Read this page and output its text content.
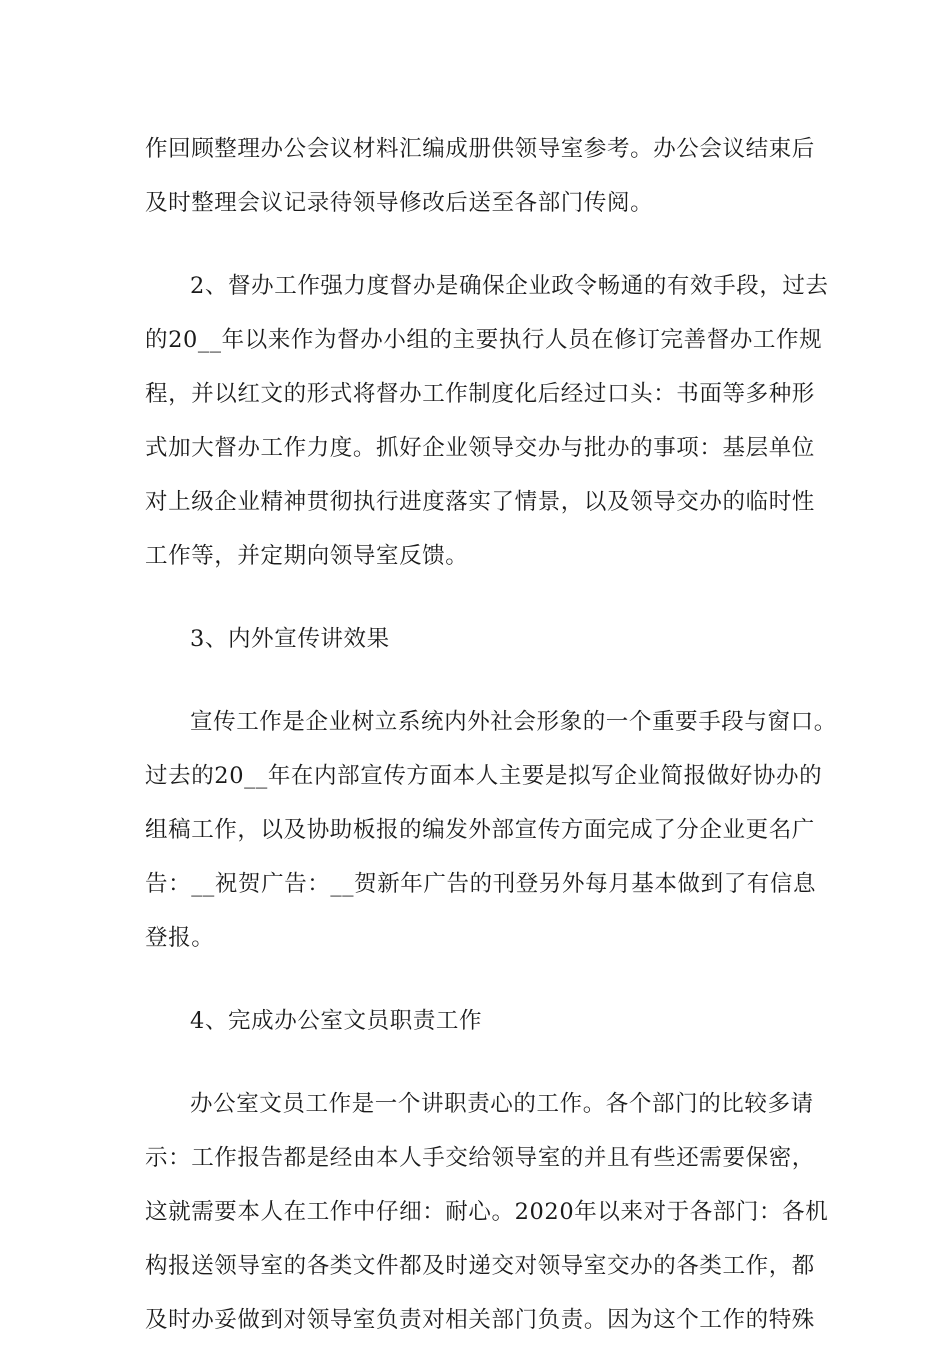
作回顾整理办公会议材料汇编成册供领导室参考。办公会议结束后
及时整理会议记录待领导修改后送至各部门传阅。
2、督办工作强力度督办是确保企业政令畅通的有效手段，过去
的20__年以来作为督办小组的主要执行人员在修订完善督办工作规
程，并以红文的形式将督办工作制度化后经过口头：书面等多种形
式加大督办工作力度。抓好企业领导交办与批办的事项：基层单位
对上级企业精神贯彻执行进度落实了情景，以及领导交办的临时性
工作等，并定期向领导室反馈。
3、内外宣传讲效果
宣传工作是企业树立系统内外社会形象的一个重要手段与窗口。
过去的20__年在内部宣传方面本人主要是拟写企业简报做好协办的
组稿工作，以及协助板报的编发外部宣传方面完成了分企业更名广
告：__祝贺广告：__贺新年广告的刊登另外每月基本做到了有信息
登报。
4、完成办公室文员职责工作
办公室文员工作是一个讲职责心的工作。各个部门的比较多请
示：工作报告都是经由本人手交给领导室的并且有些还需要保密，
这就需要本人在工作中仔细：耐心。2020年以来对于各部门：各机
构报送领导室的各类文件都及时递交对领导室交办的各类工作，都
及时办妥做到对领导室负责对相关部门负责。因为这个工作的特殊
